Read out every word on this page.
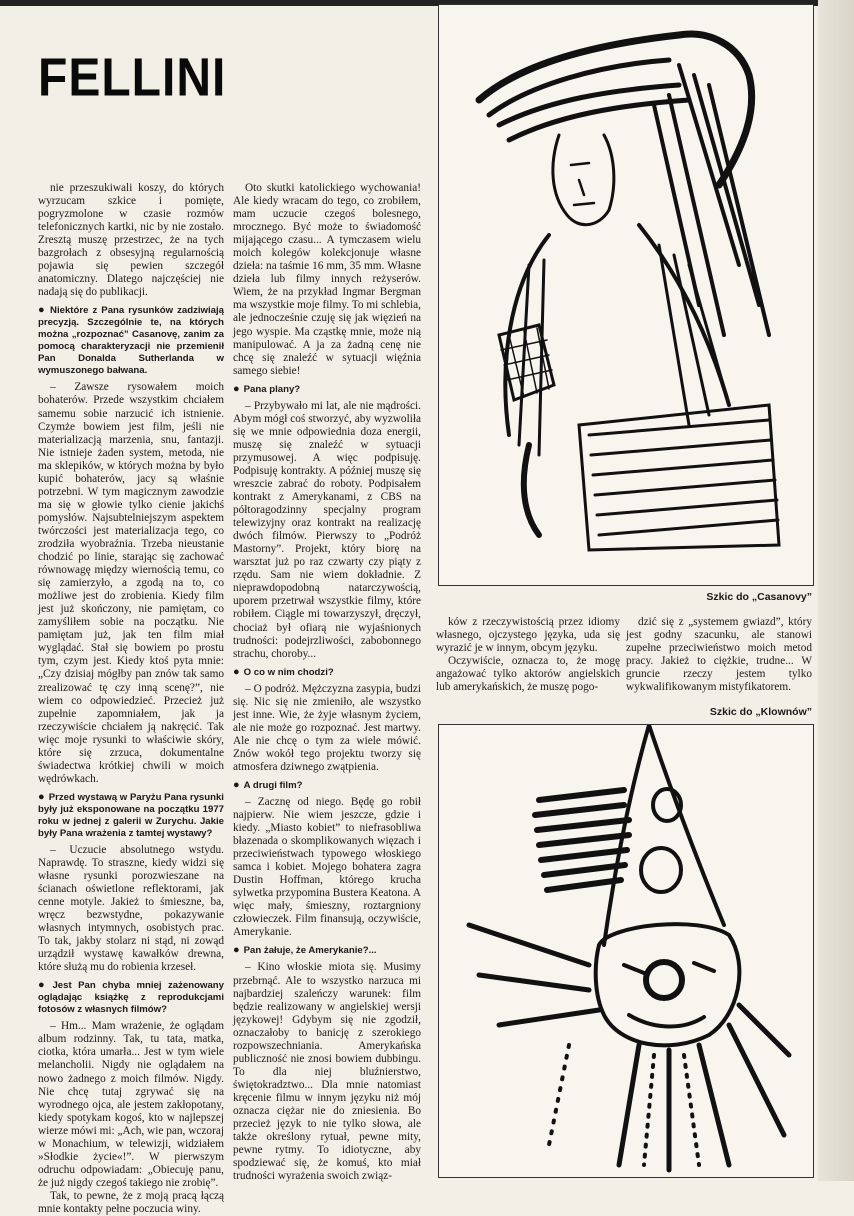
FELLINI

nie przeszukiwali koszy, do których wyrzucam szkice i pomięte, pogryzmolone w czasie rozmów telefonicznych kartki, nic by nie zostało. Zresztą muszę przestrzec, że na tych bazgrołach z obsesyjną regularnością pojawia się pewien szczegół anatomiczny. Dlatego najczęściej nie nadają się do publikacji.

● Niektóre z Pana rysunków zadziwiają precyzją. Szczególnie te, na których można „rozpoznać” Casanovę, zanim za pomocą charakteryzacji nie przemienił Pan Donalda Sutherlanda w wymuszonego bałwana.

– Zawsze rysowałem moich bohaterów. Przede wszystkim chciałem samemu sobie narzucić ich istnienie. Czymże bowiem jest film, jeśli nie materializacją marzenia, snu, fantazji. Nie istnieje żaden system, metoda, nie ma sklepików, w których można by było kupić bohaterów, jacy są właśnie potrzebni. W tym magicznym zawodzie ma się w głowie tylko cienie jakichś pomysłów. Najsubtelniejszym aspektem twórczości jest materializacja tego, co zrodziła wyobraźnia. Trzeba nieustanie chodzić po linie, starając się zachować równowagę między wiernością temu, co się zamierzyło, a zgodą na to, co możliwe jest do zrobienia. Kiedy film jest już skończony, nie pamiętam, co zamyśliłem sobie na początku. Nie pamiętam już, jak ten film miał wyglądać. Stał się bowiem po prostu tym, czym jest. Kiedy ktoś pyta mnie: „Czy dzisiaj mógłby pan znów tak samo zrealizować tę czy inną scenę?”, nie wiem co odpowiedzieć. Przecież już zupełnie zapomniałem, jak ja rzeczywiście chciałem ją nakręcić. Tak więc moje rysunki to właściwie skóry, które się zrzuca, dokumentalne świadectwa krótkiej chwili w moich wędrówkach.

● Przed wystawą w Paryżu Pana rysunki były już eksponowane na początku 1977 roku w jednej z galerii w Zurychu. Jakie były Pana wrażenia z tamtej wystawy?

– Uczucie absolutnego wstydu. Naprawdę. To straszne, kiedy widzi się własne rysunki porozwieszane na ścianach oświetlone reflektorami, jak cenne motyle. Jakież to śmieszne, ba, wręcz bezwstydne, pokazywanie własnych intymnych, osobistych prac. To tak, jakby stolarz ni stąd, ni zowąd urządził wystawę kawałków drewna, które służą mu do robienia krzeseł.

● Jest Pan chyba mniej zażenowany oglądając książkę z reprodukcjami fotosów z własnych filmów?

– Hm... Mam wrażenie, że oglądam album rodzinny. Tak, tu tata, matka, ciotka, która umarła... Jest w tym wiele melancholii. Nigdy nie oglądałem na nowo żadnego z moich filmów. Nigdy. Nie chcę tutaj zgrywać się na wyrodnego ojca, ale jestem zakłopotany, kiedy spotykam kogoś, kto w najlepszej wierze mówi mi: „Ach, wie pan, wczoraj w Monachium, w telewizji, widziałem »Słodkie życie«!”. W pierwszym odruchu odpowiadam: „Obiecuję panu, że już nigdy czegoś takiego nie zrobię”.

Tak, to pewne, że z moją pracą łączą mnie kontakty pełne poczucia winy.

Oto skutki katolickiego wychowania! Ale kiedy wracam do tego, co zrobiłem, mam uczucie czegoś bolesnego, mrocznego. Być może to świadomość mijającego czasu... A tymczasem wielu moich kolegów kolekcjonuje własne dzieła: na taśmie 16 mm, 35 mm. Własne dzieła lub filmy innych reżyserów. Wiem, że na przykład Ingmar Bergman ma wszystkie moje filmy. To mi schlebia, ale jednocześnie czuję się jak więzień na jego wyspie. Ma cząstkę mnie, może nią manipulować. A ja za żadną cenę nie chcę się znaleźć w sytuacji więźnia samego siebie!

● Pana plany?

– Przybywało mi lat, ale nie mądrości. Abym mógł coś stworzyć, aby wyzwoliła się we mnie odpowiednia doza energii, muszę się znaleźć w sytuacji przymusowej. A więc podpisuję. Podpisuję kontrakty. A później muszę się wreszcie zabrać do roboty. Podpisałem kontrakt z Amerykanami, z CBS na półtoragodzinny specjalny program telewizyjny oraz kontrakt na realizację dwóch filmów. Pierwszy to „Podróż Mastorny”. Projekt, który biorę na warsztat już po raz czwarty czy piąty z rzędu. Sam nie wiem dokładnie. Z nieprawdopodobną natarczywością, uporem przetrwał wszystkie filmy, które robiłem. Ciągle mi towarzyszył, dręczył, chociaż był ofiarą nie wyjaśnionych trudności: podejrzliwości, zabobonnego strachu, choroby...

● O co w nim chodzi?

– O podróż. Mężczyzna zasypia, budzi się. Nic się nie zmieniło, ale wszystko jest inne. Wie, że żyje własnym życiem, ale nie może go rozpoznać. Jest martwy. Ale nie chcę o tym za wiele mówić. Znów wokół tego projektu tworzy się atmosfera dziwnego zwątpienia.

● A drugi film?

– Zacznę od niego. Będę go robił najpierw. Nie wiem jeszcze, gdzie i kiedy. „Miasto kobiet” to niefrasobliwa błazenada o skomplikowanych więzach i przeciwieństwach typowego włoskiego samca i kobiet. Mojego bohatera zagra Dustin Hoffman, którego krucha sylwetka przypomina Bustera Keatona. A więc mały, śmieszny, roztargniony człowieczek. Film finansują, oczywiście, Amerykanie.

● Pan żałuje, że Amerykanie?...

– Kino włoskie miota się. Musimy przebrnąć. Ale to wszystko narzuca mi najbardziej szaleńczy warunek: film będzie realizowany w angielskiej wersji językowej! Gdybym się nie zgodził, oznaczałoby to banicję z szerokiego rozpowszechniania. Amerykańska publiczność nie znosi bowiem dubbingu. To dla niej bluźnierstwo, świętokradztwo... Dla mnie natomiast kręcenie filmu w innym języku niż mój oznacza ciężar nie do zniesienia. Bo przecież język to nie tylko słowa, ale także określony rytuał, pewne mity, pewne rytmy. To idiotyczne, aby spodziewać się, że komuś, kto miał trudności wyrażenia swoich związ-

ków z rzeczywistością przez idiomy własnego, ojczystego języka, uda się wyrazić je w innym, obcym języku.

Oczywiście, oznacza to, że mogę angażować tylko aktorów angielskich lub amerykańskich, że muszę pogo-

dzić się z „systemem gwiazd”, który jest godny szacunku, ale stanowi zupełne przeciwieństwo moich metod pracy. Jakież to ciężkie, trudne... W gruncie rzeczy jestem tylko wykwalifikowanym mistyfikatorem.

Szkic do „Casanovy”
Szkic do „Klownów”
